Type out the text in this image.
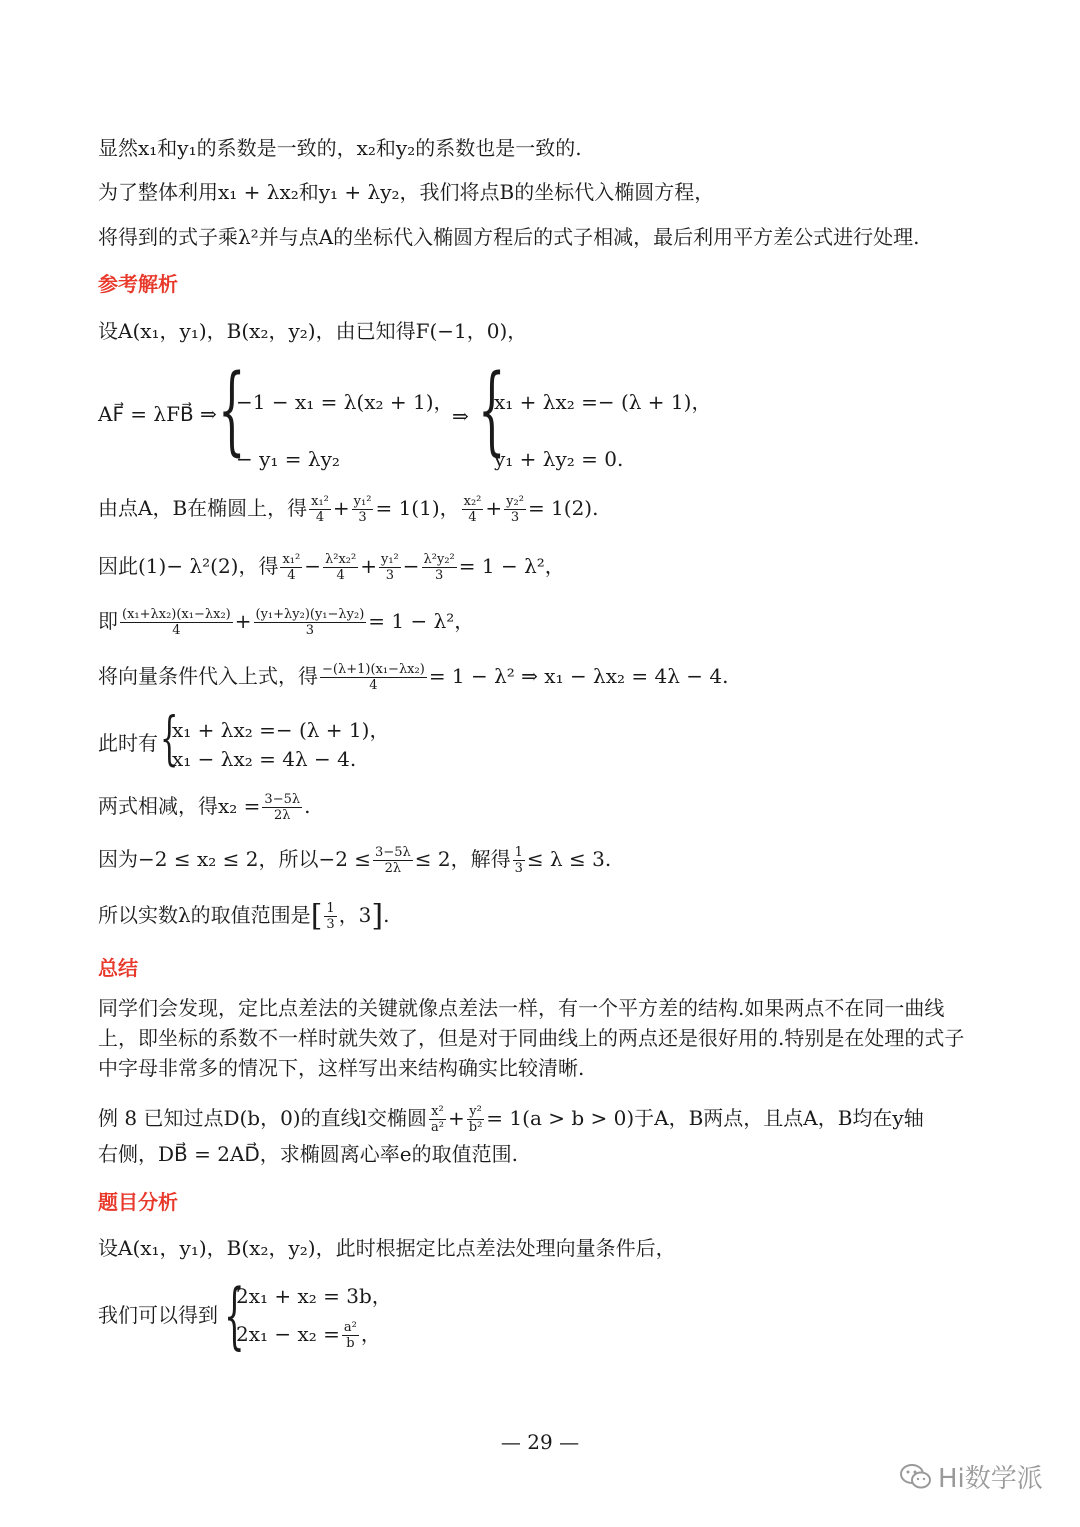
显然x₁和y₁的系数是一致的，x₂和y₂的系数也是一致的.
为了整体利用x₁ + λx₂和y₁ + λy₂，我们将点B的坐标代入椭圆方程，
将得到的式子乘λ²并与点A的坐标代入椭圆方程后的式子相减，最后利用平方差公式进行处理.
参考解析
设A(x₁，y₁)，B(x₂，y₂)，由已知得F(−1，0)，
AF⃗ = λFB⃗ ⇒ {
−1 − x₁ = λ(x₂ + 1)，
− y₁ = λy₂
⇒ {
x₁ + λx₂ =− (λ + 1)，
y₁ + λy₂ = 0.
由点A，B在椭圆上，得 $\frac{\text{x₁²}}{4} + \frac{\text{y₁²}}{3} = 1(1)$， $\frac{\text{x₂²}}{4} + \frac{\text{y₂²}}{3} = 1(2)$.
因此(1)− λ²(2)，得 $\frac{\text{x₁²}}{4} - \frac{\text{λ²x₂²}}{4} + \frac{\text{y₁²}}{3} - \frac{\text{λ²y₂²}}{3} = 1 - \lambda^2$，
即 $\frac{\text{(x₁+λx₂)(x₁−λx₂)}}{4} + \frac{\text{(y₁+λy₂)(y₁−λy₂)}}{3} = 1 - \lambda^2$，
将向量条件代入上式，得 $\frac{\text{−(λ+1)(x₁−λx₂)}}{4} = 1 - \lambda^2$ ⇒ x₁ − λx₂ = 4λ − 4.
此时有 {
x₁ + λx₂ =− (λ + 1)，
x₁ − λx₂ = 4λ − 4.
两式相减，得$x_2 = \frac{3-5\lambda}{2\lambda}$ .
因为−2 ≤ x₂ ≤ 2，所以$-2 \le \frac{3-5\lambda}{2\lambda} \le 2$，解得 $\frac{1}{3} \le \lambda \le 3$.
所以实数λ的取值范围是[ $\frac{1}{3}$ ，3].
总结
同学们会发现，定比点差法的关键就像点差法一样，有一个平方差的结构.如果两点不在同一曲线上，即坐标的系数不一样时就失效了，但是对于同曲线上的两点还是很好用的.特别是在处理的式子中字母非常多的情况下，这样写出来结构确实比较清晰.
例 8 已知过点D(b，0)的直线l交椭圆 $\frac{\text{x²}}{\text{a²}} + \frac{\text{y²}}{\text{b²}} = 1(a > b > 0)$于A，B两点，且点A，B均在y轴
右侧，DB⃗ = 2AD⃗，求椭圆离心率e的取值范围.
题目分析
设A(x₁，y₁)，B(x₂，y₂)，此时根据定比点差法处理向量条件后，
我们可以得到 {
2x₁ + x₂ = 3b，
$2x_1 - x_2 = \frac{\text{a²}}{b}$ ，
— 29 —
Hi数学派
